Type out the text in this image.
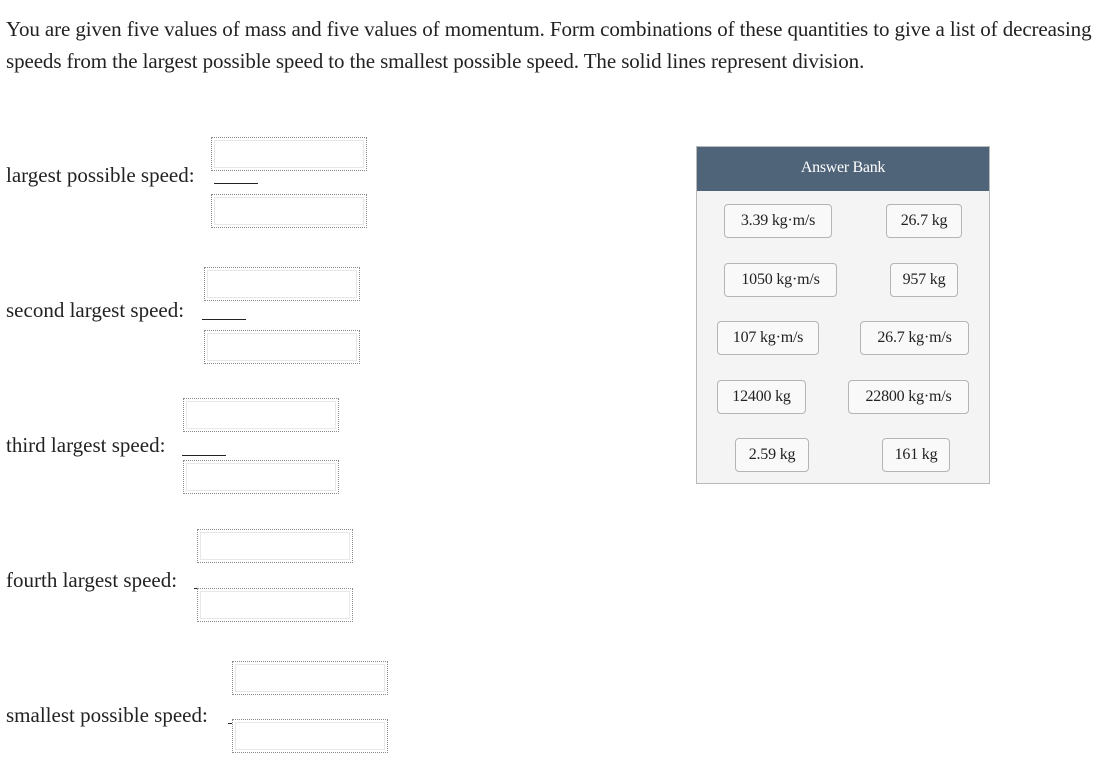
You are given five values of mass and five values of momentum. Form combinations of these quantities to give a list of decreasing speeds from the largest possible speed to the smallest possible speed. The solid lines represent division.
largest possible speed:
second largest speed:
third largest speed:
fourth largest speed:
smallest possible speed:
Answer Bank
3.39 kg·m/s	26.7 kg
1050 kg·m/s	957 kg
107 kg·m/s	26.7 kg·m/s
12400 kg	22800 kg·m/s
2.59 kg	161 kg
